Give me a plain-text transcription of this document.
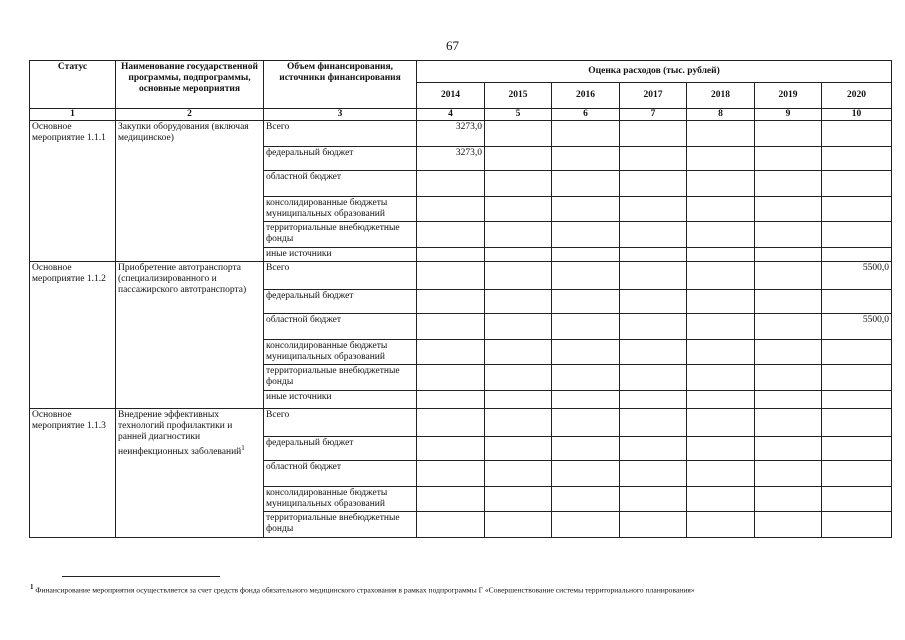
67
Статус	Наименование государственной программы, подпрограммы, основные мероприятия	Объем финансирования, источники финансирования	Оценка расходов (тыс. рублей)						
			2014	2015	2016	2017	2018	2019	2020
1	2	3	4	5	6	7	8	9	10
Основное мероприятие 1.1.1	Закупки оборудования (включая медицинское)	Всего	3273,0						
		федеральный бюджет	3273,0						
		областной бюджет							
		консолидированные бюджеты муниципальных образований							
		территориальные внебюджетные фонды							
		иные источники							
Основное мероприятие 1.1.2	Приобретение автотранспорта (специализированного и пассажирского автотранспорта)	Всего							5500,0
		федеральный бюджет							
		областной бюджет							5500,0
		консолидированные бюджеты муниципальных образований							
		территориальные внебюджетные фонды							
		иные источники							
Основное мероприятие 1.1.3	Внедрение эффективных технологий профилактики и ранней диагностики неинфекционных заболеваний$^1$	Всего							
		федеральный бюджет							
		областной бюджет							
		консолидированные бюджеты муниципальных образований							
		территориальные внебюджетные фонды							
$^1$ Финансирование мероприятия осуществляется за счет средств фонда обязательного медицинского страхования в рамках подпрограммы Г «Совершенствование системы территориального планирования»
